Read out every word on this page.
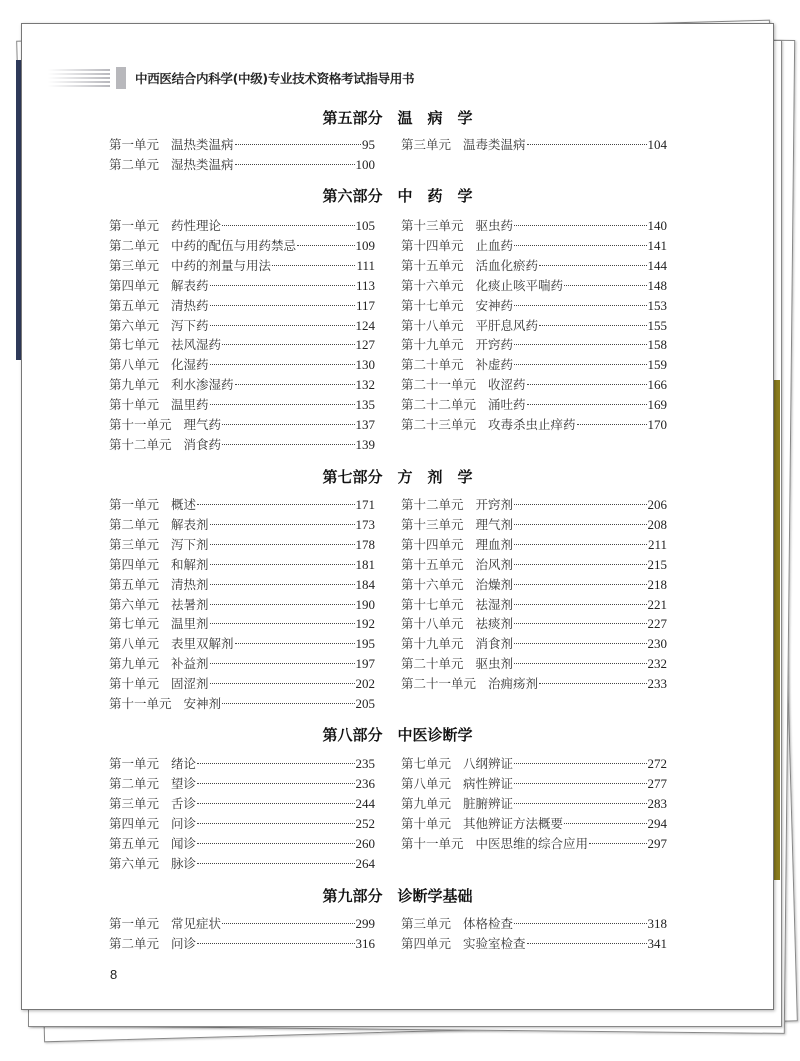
中西医结合内科学(中级)专业技术资格考试指导用书
8
第五部分　温　病　学
第一单元 温热类温病	95
第二单元 湿热类温病	100
第三单元 温毒类温病	104
第六部分　中　药　学
第一单元 药性理论	105
第二单元 中药的配伍与用药禁忌	109
第三单元 中药的剂量与用法	111
第四单元 解表药	113
第五单元 清热药	117
第六单元 泻下药	124
第七单元 祛风湿药	127
第八单元 化湿药	130
第九单元 利水渗湿药	132
第十单元 温里药	135
第十一单元 理气药	137
第十二单元 消食药	139
第十三单元 驱虫药	140
第十四单元 止血药	141
第十五单元 活血化瘀药	144
第十六单元 化痰止咳平喘药	148
第十七单元 安神药	153
第十八单元 平肝息风药	155
第十九单元 开窍药	158
第二十单元 补虚药	159
第二十一单元 收涩药	166
第二十二单元 涌吐药	169
第二十三单元 攻毒杀虫止痒药	170
第七部分　方　剂　学
第一单元 概述	171
第二单元 解表剂	173
第三单元 泻下剂	178
第四单元 和解剂	181
第五单元 清热剂	184
第六单元 祛暑剂	190
第七单元 温里剂	192
第八单元 表里双解剂	195
第九单元 补益剂	197
第十单元 固涩剂	202
第十一单元 安神剂	205
第十二单元 开窍剂	206
第十三单元 理气剂	208
第十四单元 理血剂	211
第十五单元 治风剂	215
第十六单元 治燥剂	218
第十七单元 祛湿剂	221
第十八单元 祛痰剂	227
第十九单元 消食剂	230
第二十单元 驱虫剂	232
第二十一单元 治痈疡剂	233
第八部分　中医诊断学
第一单元 绪论	235
第二单元 望诊	236
第三单元 舌诊	244
第四单元 问诊	252
第五单元 闻诊	260
第六单元 脉诊	264
第七单元 八纲辨证	272
第八单元 病性辨证	277
第九单元 脏腑辨证	283
第十单元 其他辨证方法概要	294
第十一单元 中医思维的综合应用	297
第九部分　诊断学基础
第一单元 常见症状	299
第二单元 问诊	316
第三单元 体格检查	318
第四单元 实验室检查	341
